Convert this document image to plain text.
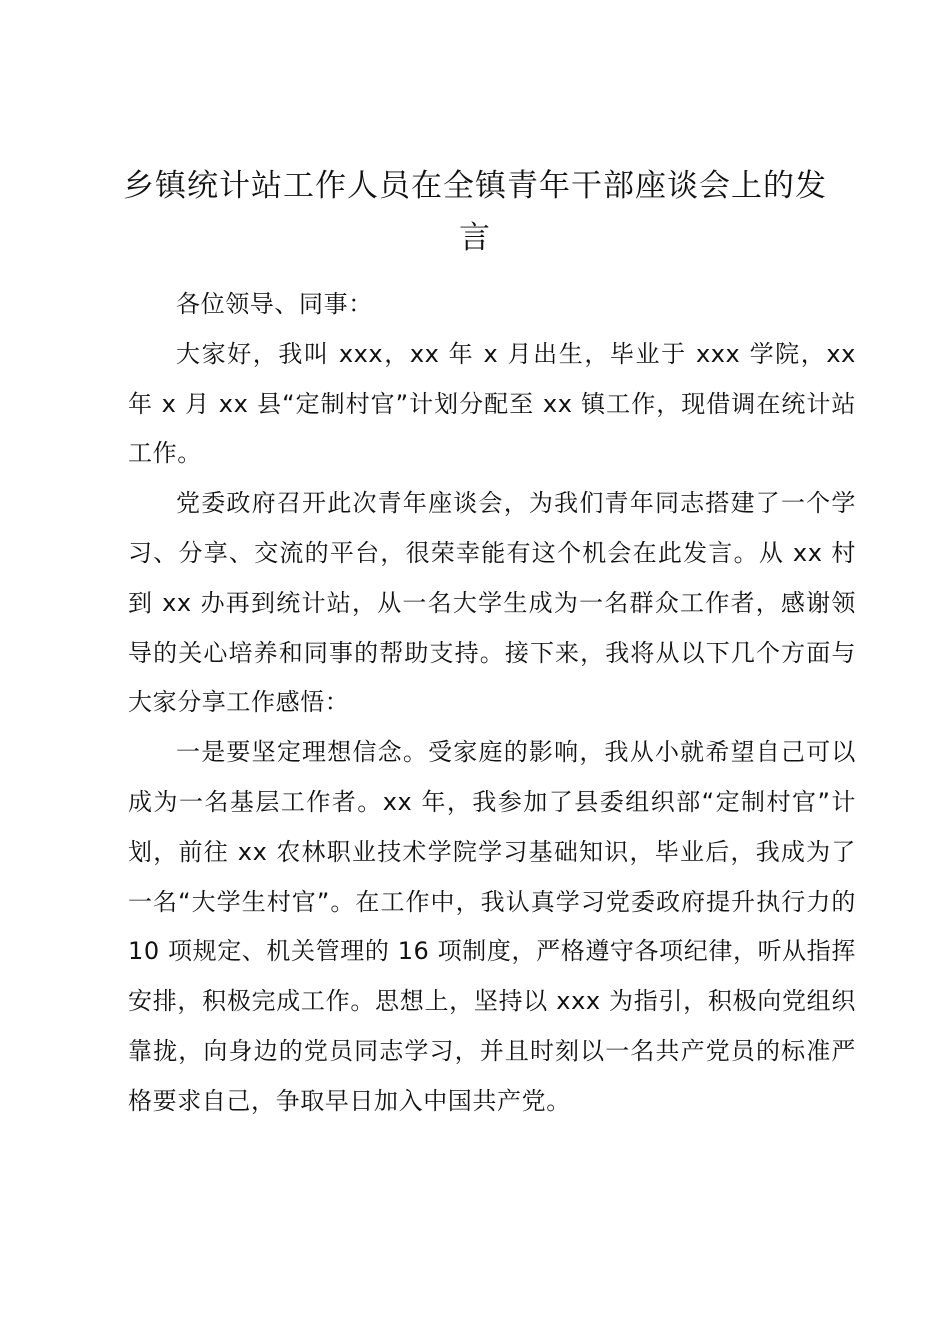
乡镇统计站工作人员在全镇青年干部座谈会上的发言

各位领导、同事：

大家好，我叫 xxx，xx 年 x 月出生，毕业于 xxx 学院，xx 年 x 月 xx 县“定制村官”计划分配至 xx 镇工作，现借调在统计站工作。

党委政府召开此次青年座谈会，为我们青年同志搭建了一个学习、分享、交流的平台，很荣幸能有这个机会在此发言。从 xx 村到 xx 办再到统计站，从一名大学生成为一名群众工作者，感谢领导的关心培养和同事的帮助支持。接下来，我将从以下几个方面与大家分享工作感悟：

一是要坚定理想信念。受家庭的影响，我从小就希望自己可以成为一名基层工作者。xx 年，我参加了县委组织部“定制村官”计划，前往 xx 农林职业技术学院学习基础知识，毕业后，我成为了一名“大学生村官”。在工作中，我认真学习党委政府提升执行力的 10 项规定、机关管理的 16 项制度，严格遵守各项纪律，听从指挥安排，积极完成工作。思想上，坚持以 xxx 为指引，积极向党组织靠拢，向身边的党员同志学习，并且时刻以一名共产党员的标准严格要求自己，争取早日加入中国共产党。
